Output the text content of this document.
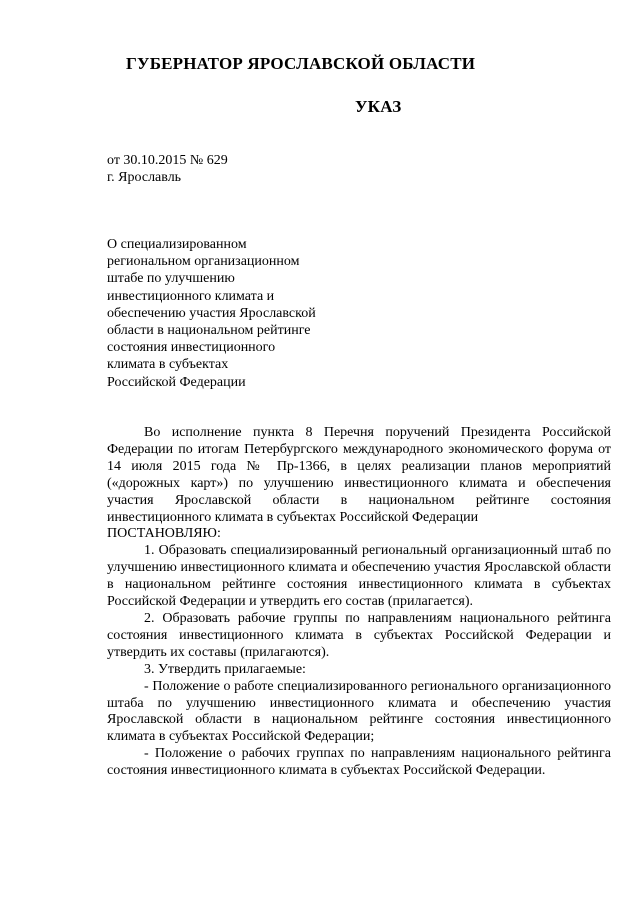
ГУБЕРНАТОР ЯРОСЛАВСКОЙ ОБЛАСТИ
УКАЗ
от 30.10.2015 № 629
г. Ярославль
О специализированном
региональном организационном
штабе по улучшению
инвестиционного климата и
обеспечению участия Ярославской
области в национальном рейтинге
состояния инвестиционного
климата в субъектах
Российской Федерации

Во исполнение пункта 8 Перечня поручений Президента Российской Федерации по итогам Петербургского международного экономического форума от 14 июля 2015 года № Пр-1366, в целях реализации планов мероприятий («дорожных карт») по улучшению инвестиционного климата и обеспечения участия Ярославской области в национальном рейтинге состояния инвестиционного климата в субъектах Российской Федерации

ПОСТАНОВЛЯЮ:

1. Образовать специализированный региональный организационный штаб по улучшению инвестиционного климата и обеспечению участия Ярославской области в национальном рейтинге состояния инвестиционного климата в субъектах Российской Федерации и утвердить его состав (прилагается).

2. Образовать рабочие группы по направлениям национального рейтинга состояния инвестиционного климата в субъектах Российской Федерации и утвердить их составы (прилагаются).

3. Утвердить прилагаемые:

- Положение о работе специализированного регионального организационного штаба по улучшению инвестиционного климата и обеспечению участия Ярославской области в национальном рейтинге состояния инвестиционного климата в субъектах Российской Федерации;

- Положение о рабочих группах по направлениям национального рейтинга состояния инвестиционного климата в субъектах Российской Федерации.
